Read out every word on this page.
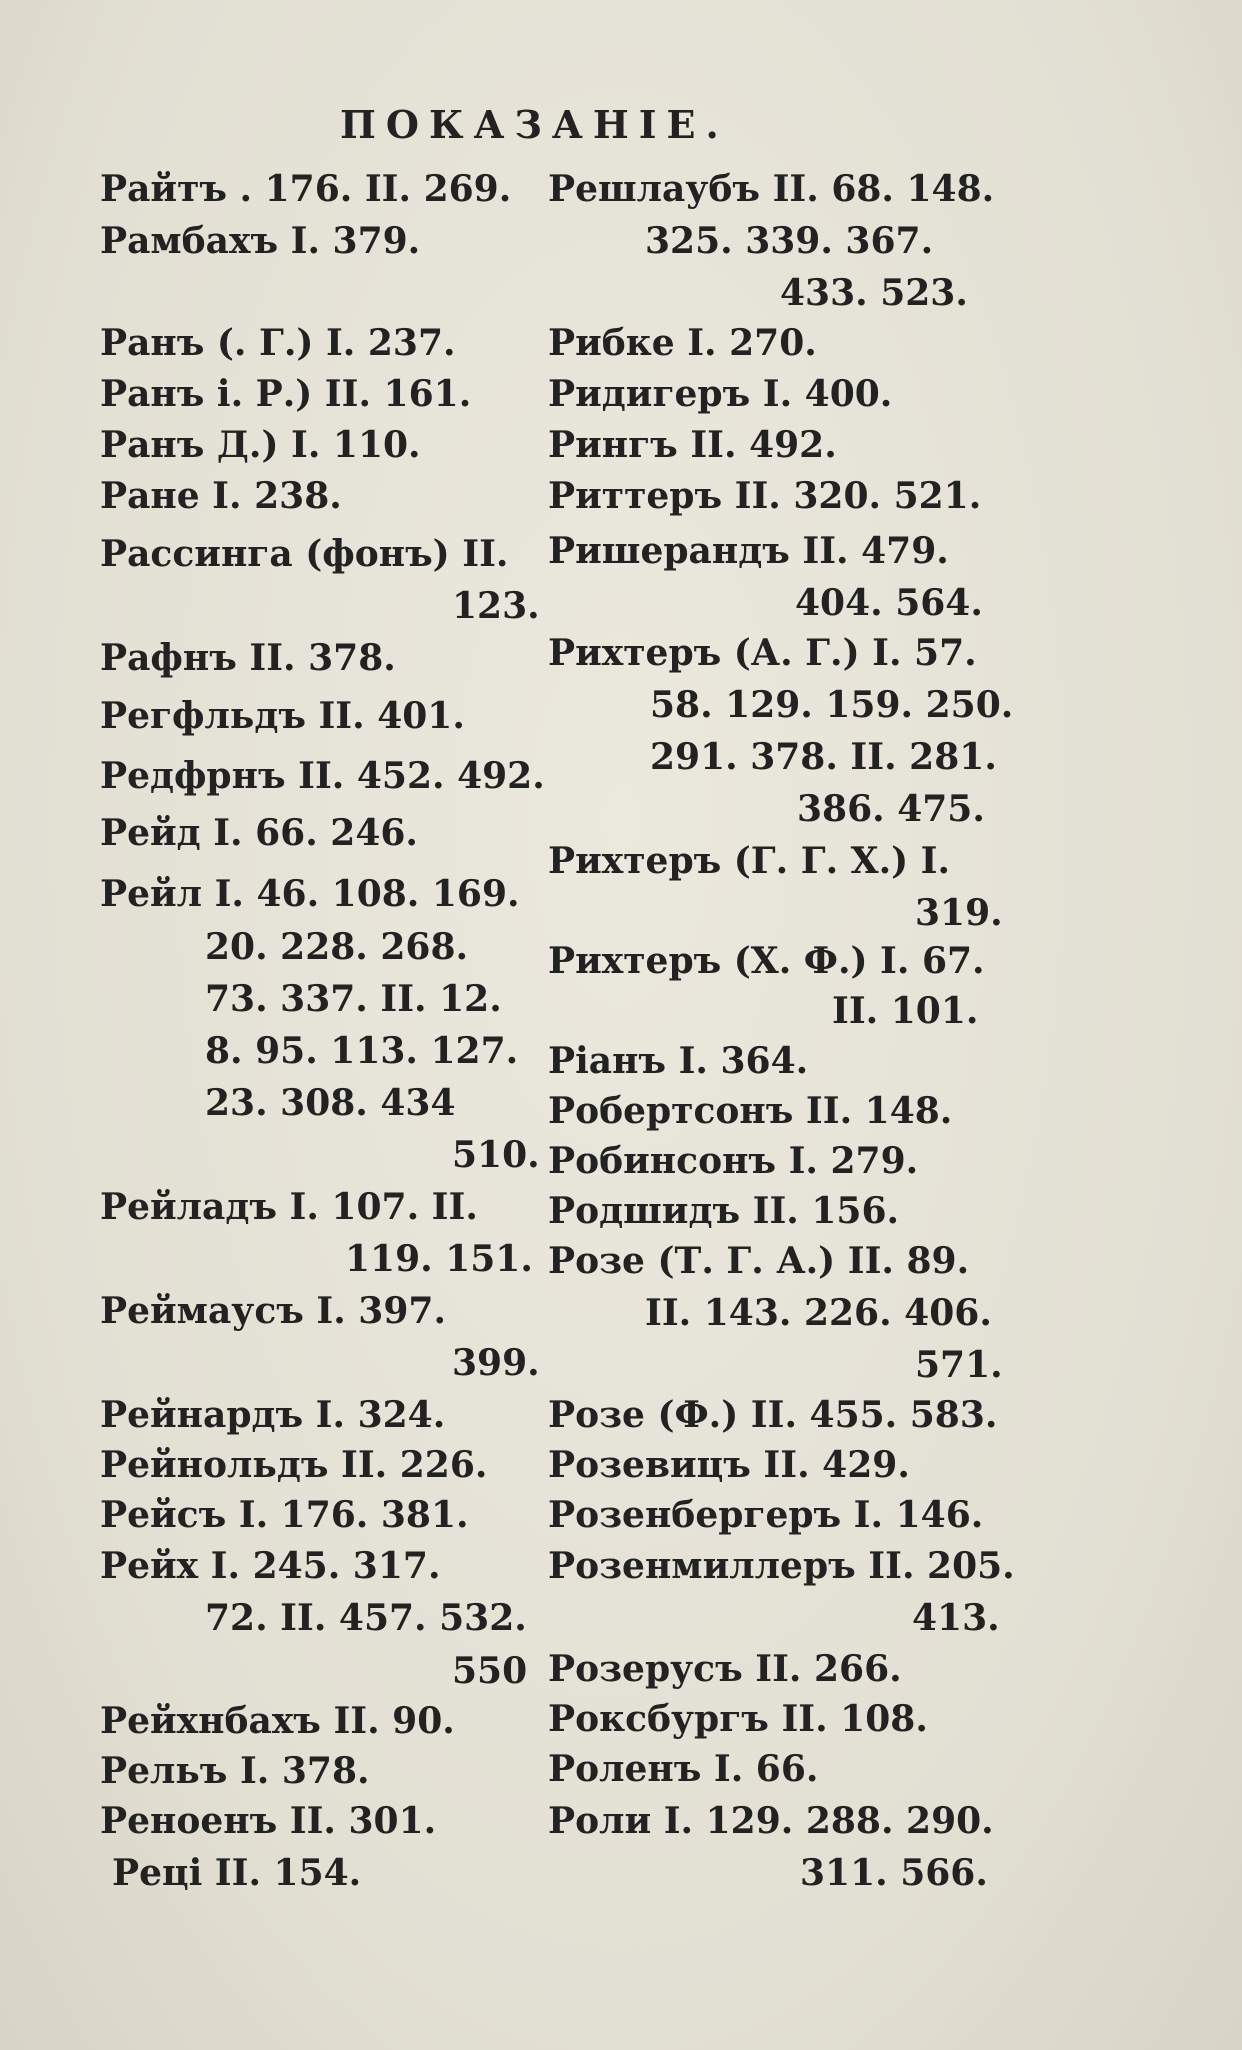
ПОКАЗАНІЕ.
Райтъ . 176. II. 269.
Рамбахъ I. 379.
Ранъ (. Г.) I. 237.
Ранъ і. Р.) II. 161.
Ранъ Д.) I. 110.
Ране I. 238.
Рассинга (фонъ) II.
123.
Рафнъ II. 378.
Регфльдъ II. 401.
Редфрнъ II. 452. 492.
Рейд I. 66. 246.
Рейл I. 46. 108. 169.
20. 228. 268.
73. 337. II. 12.
8. 95. 113. 127.
23. 308. 434
510.
Рейладъ I. 107. II.
119. 151.
Реймаусъ I. 397.
399.
Рейнардъ I. 324.
Рейнольдъ II. 226.
Рейсъ I. 176. 381.
Рейх I. 245. 317.
72. II. 457. 532.
550
Рейхнбахъ II. 90.
Рельъ I. 378.
Реноенъ II. 301.
Реці II. 154.
Решлаубъ II. 68. 148.
325. 339. 367.
433. 523.
Рибке I. 270.
Ридигеръ I. 400.
Рингъ II. 492.
Риттеръ II. 320. 521.
Ришерандъ II. 479.
404. 564.
Рихтеръ (А. Г.) I. 57.
58. 129. 159. 250.
291. 378. II. 281.
386. 475.
Рихтеръ (Г. Г. Х.) I.
319.
Рихтеръ (Х. Ф.) I. 67.
II. 101.
Ріанъ I. 364.
Робертсонъ II. 148.
Робинсонъ I. 279.
Родшидъ II. 156.
Розе (Т. Г. А.) II. 89.
II. 143. 226. 406.
571.
Розе (Ф.) II. 455. 583.
Розевицъ II. 429.
Розенбергеръ I. 146.
Розенмиллеръ II. 205.
413.
Розерусъ II. 266.
Роксбургъ II. 108.
Роленъ I. 66.
Роли I. 129. 288. 290.
311. 566.
